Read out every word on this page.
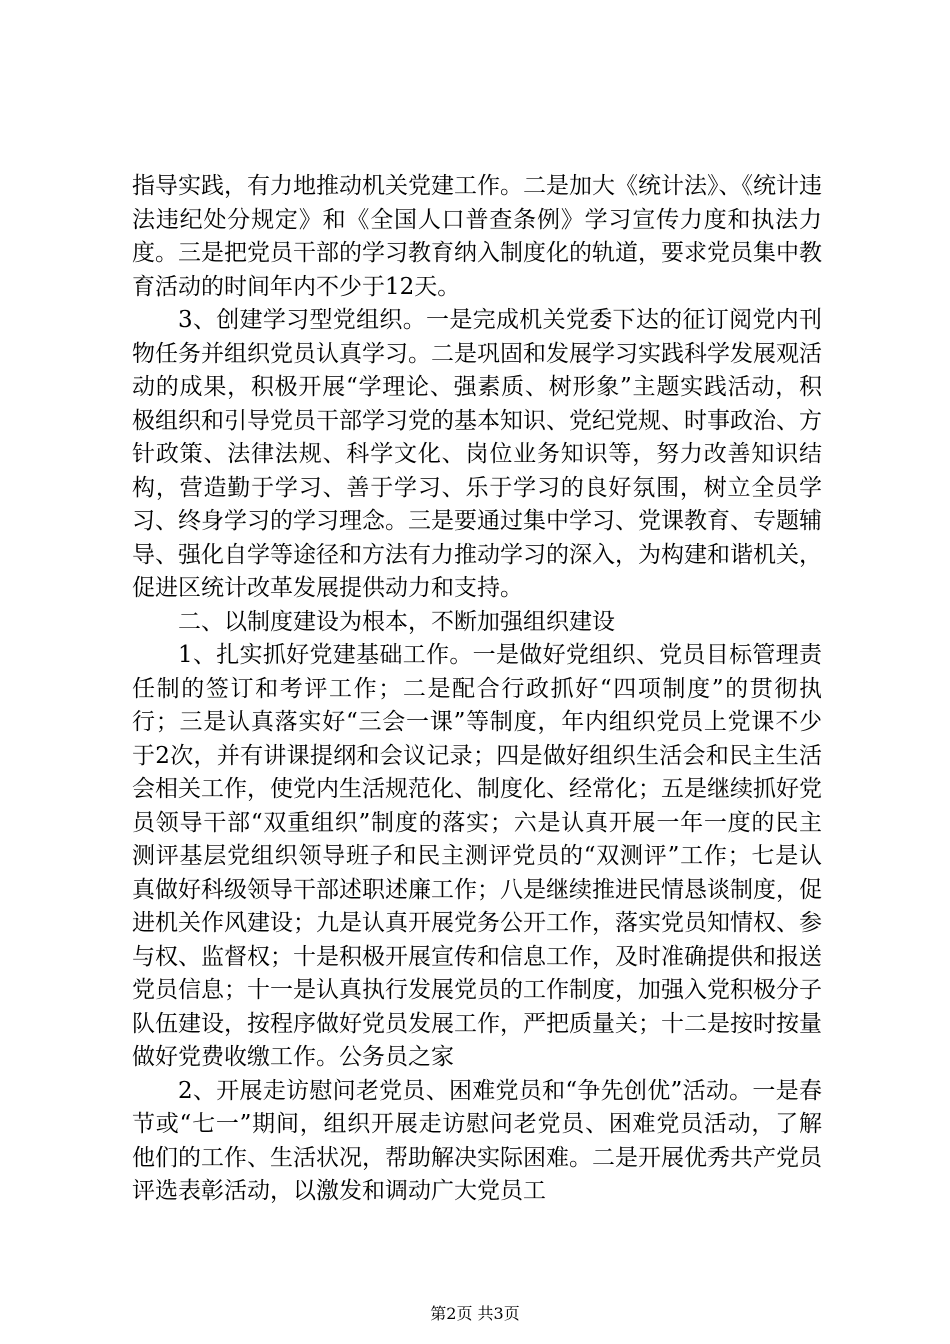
指导实践，有力地推动机关党建工作。二是加大《统计法》、《统计违法违纪处分规定》和《全国人口普查条例》学习宣传力度和执法力度。三是把党员干部的学习教育纳入制度化的轨道，要求党员集中教育活动的时间年内不少于12天。

3、创建学习型党组织。一是完成机关党委下达的征订阅党内刊物任务并组织党员认真学习。二是巩固和发展学习实践科学发展观活动的成果，积极开展“学理论、强素质、树形象”主题实践活动，积极组织和引导党员干部学习党的基本知识、党纪党规、时事政治、方针政策、法律法规、科学文化、岗位业务知识等，努力改善知识结构，营造勤于学习、善于学习、乐于学习的良好氛围，树立全员学习、终身学习的学习理念。三是要通过集中学习、党课教育、专题辅导、强化自学等途径和方法有力推动学习的深入，为构建和谐机关，促进区统计改革发展提供动力和支持。

二、以制度建设为根本，不断加强组织建设

1、扎实抓好党建基础工作。一是做好党组织、党员目标管理责任制的签订和考评工作；二是配合行政抓好“四项制度”的贯彻执行；三是认真落实好“三会一课”等制度，年内组织党员上党课不少于2次，并有讲课提纲和会议记录；四是做好组织生活会和民主生活会相关工作，使党内生活规范化、制度化、经常化；五是继续抓好党员领导干部“双重组织”制度的落实；六是认真开展一年一度的民主测评基层党组织领导班子和民主测评党员的“双测评”工作；七是认真做好科级领导干部述职述廉工作；八是继续推进民情恳谈制度，促进机关作风建设；九是认真开展党务公开工作，落实党员知情权、参与权、监督权；十是积极开展宣传和信息工作，及时准确提供和报送党员信息；十一是认真执行发展党员的工作制度，加强入党积极分子队伍建设，按程序做好党员发展工作，严把质量关；十二是按时按量做好党费收缴工作。公务员之家

2、开展走访慰问老党员、困难党员和“争先创优”活动。一是春节或“七一”期间，组织开展走访慰问老党员、困难党员活动，了解他们的工作、生活状况，帮助解决实际困难。二是开展优秀共产党员评选表彰活动，以激发和调动广大党员工

第2页 共3页
